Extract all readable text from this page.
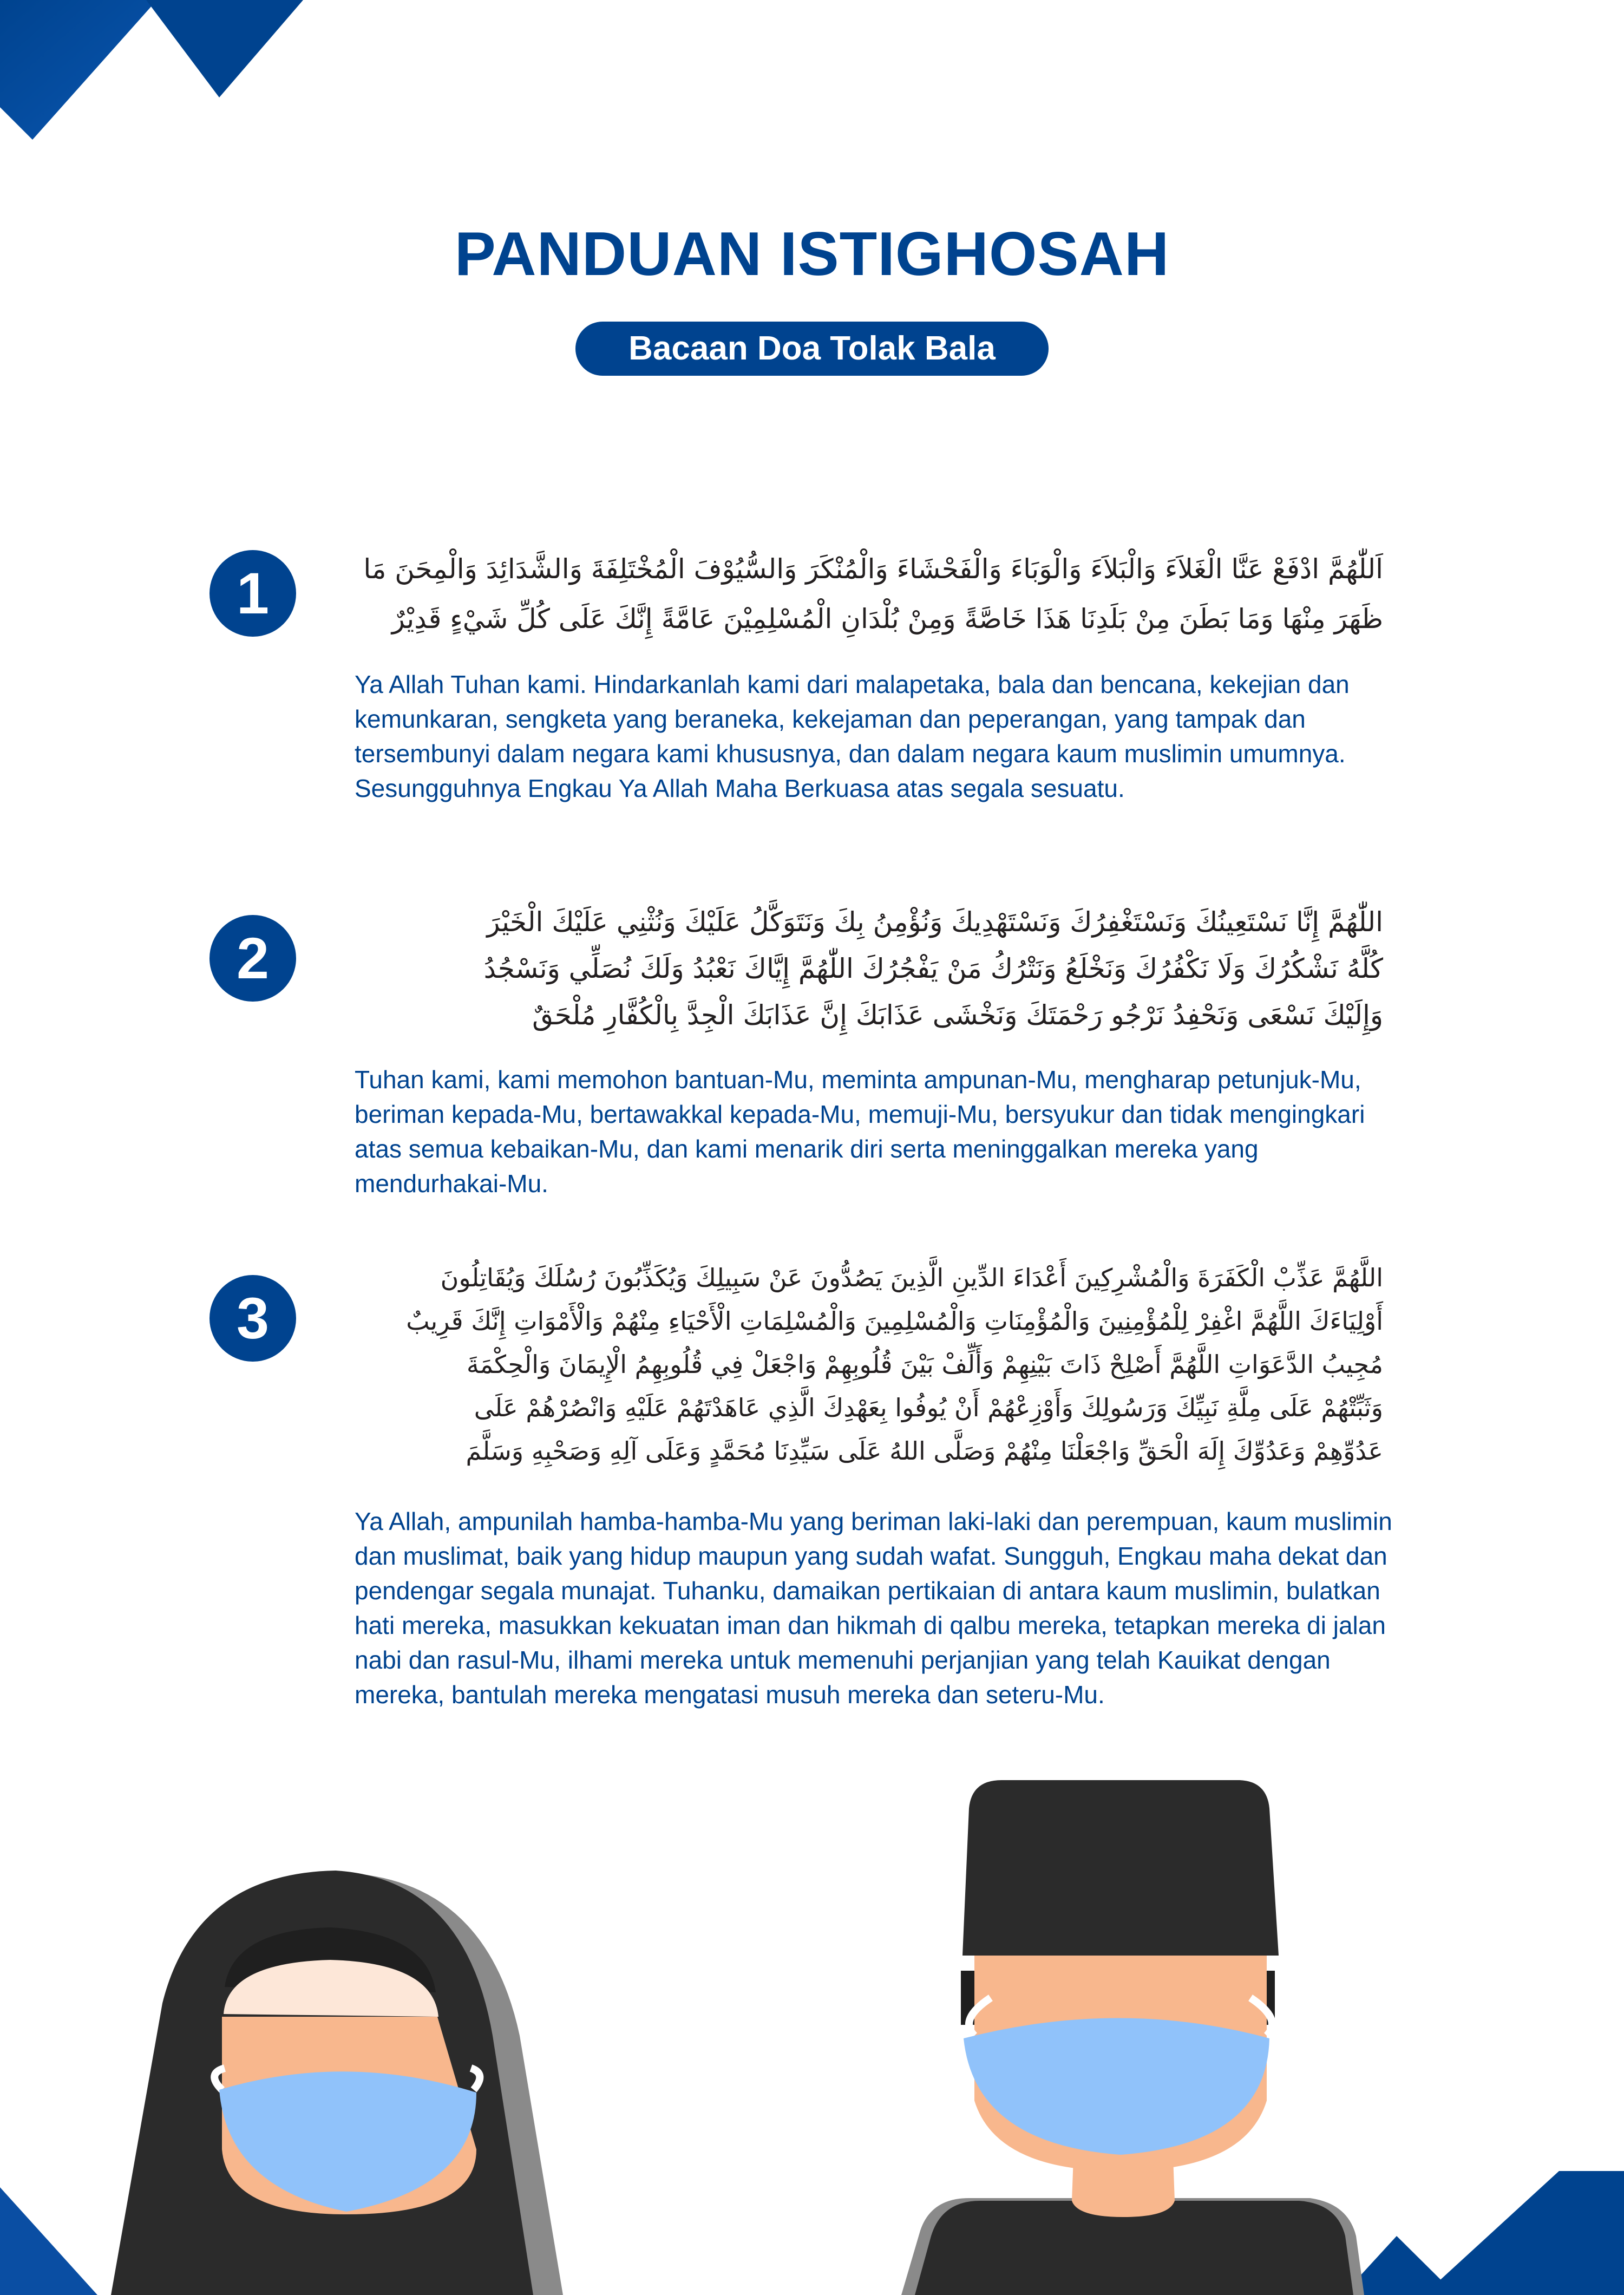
PANDUAN ISTIGHOSAH
Bacaan Doa Tolak Bala
1	اَللّٰهُمَّ ادْفَعْ عَنَّا الْغَلاَءَ وَالْبَلاَءَ وَالْوَبَاءَ وَالْفَحْشَاءَ وَالْمُنْكَرَ وَالسُّيُوْفَ الْمُخْتَلِفَةَ وَالشَّدَائِدَ وَالْمِحَنَ مَا
ظَهَرَ مِنْهَا وَمَا بَطَنَ مِنْ بَلَدِنَا هَذَا خَاصَّةً وَمِنْ بُلْدَانِ الْمُسْلِمِيْنَ عَامَّةً إِنَّكَ عَلَى كُلِّ شَيْءٍ قَدِيْرٌ
Ya Allah Tuhan kami. Hindarkanlah kami dari malapetaka, bala dan bencana, kekejian dan kemunkaran, sengketa yang beraneka, kekejaman dan peperangan, yang tampak dan tersembunyi dalam negara kami khususnya, dan dalam negara kaum muslimin umumnya. Sesungguhnya Engkau Ya Allah Maha Berkuasa atas segala sesuatu.
2
اللّٰهُمَّ إِنَّا نَسْتَعِينُكَ وَنَسْتَغْفِرُكَ وَنَسْتَهْدِيكَ وَنُؤْمِنُ بِكَ وَنَتَوَكَّلُ عَلَيْكَ وَنُثْنِي عَلَيْكَ الْخَيْرَ
كُلَّهُ نَشْكُرُكَ وَلَا نَكْفُرُكَ وَنَخْلَعُ وَنَتْرُكُ مَنْ يَفْجُرُكَ اللّٰهُمَّ إِيَّاكَ نَعْبُدُ وَلَكَ نُصَلِّي وَنَسْجُدُ
وَإِلَيْكَ نَسْعَى وَنَحْفِدُ نَرْجُو رَحْمَتَكَ وَنَخْشَى عَذَابَكَ إِنَّ عَذَابَكَ الْجِدَّ بِالْكُفَّارِ مُلْحَقٌ
Tuhan kami, kami memohon bantuan-Mu, meminta ampunan-Mu, mengharap petunjuk-Mu, beriman kepada-Mu, bertawakkal kepada-Mu, memuji-Mu, bersyukur dan tidak mengingkari atas semua kebaikan-Mu, dan kami menarik diri serta meninggalkan mereka yang mendurhakai-Mu.
3
اللَّهُمَّ عَذِّبْ الْكَفَرَةَ وَالْمُشْرِكِينَ أَعْدَاءَ الدِّينِ الَّذِينَ يَصُدُّونَ عَنْ سَبِيلِكَ وَيُكَذِّبُونَ رُسُلَكَ وَيُقَاتِلُونَ
أَوْلِيَاءَكَ اللَّهُمَّ اغْفِرْ لِلْمُؤْمِنِينَ وَالْمُؤْمِنَاتِ وَالْمُسْلِمِينَ وَالْمُسْلِمَاتِ الْأَحْيَاءِ مِنْهُمْ وَالْأَمْوَاتِ إِنَّكَ قَرِيبٌ
مُجِيبُ الدَّعَوَاتِ اللَّهُمَّ أَصْلِحْ ذَاتَ بَيْنِهِمْ وَأَلِّفْ بَيْنَ قُلُوبِهِمْ وَاجْعَلْ فِي قُلُوبِهِمُ الْإِيمَانَ وَالْحِكْمَةَ
وَثَبِّتْهُمْ عَلَى مِلَّةِ نَبِيِّكَ وَرَسُولِكَ وَأَوْزِعْهُمْ أَنْ يُوفُوا بِعَهْدِكَ الَّذِي عَاهَدْتَهُمْ عَلَيْهِ وَانْصُرْهُمْ عَلَى
عَدُوِّهِمْ وَعَدُوِّكَ إِلَهَ الْحَقِّ وَاجْعَلْنَا مِنْهُمْ وَصَلَّى اللهُ عَلَى سَيِّدِنَا مُحَمَّدٍ وَعَلَى آلِهِ وَصَحْبِهِ وَسَلَّمَ
Ya Allah, ampunilah hamba-hamba-Mu yang beriman laki-laki dan perempuan, kaum muslimin dan muslimat, baik yang hidup maupun yang sudah wafat. Sungguh, Engkau maha dekat dan pendengar segala munajat. Tuhanku, damaikan pertikaian di antara kaum muslimin, bulatkan hati mereka, masukkan kekuatan iman dan hikmah di qalbu mereka, tetapkan mereka di jalan nabi dan rasul-Mu, ilhami mereka untuk memenuhi perjanjian yang telah Kauikat dengan mereka, bantulah mereka mengatasi musuh mereka dan seteru-Mu.
